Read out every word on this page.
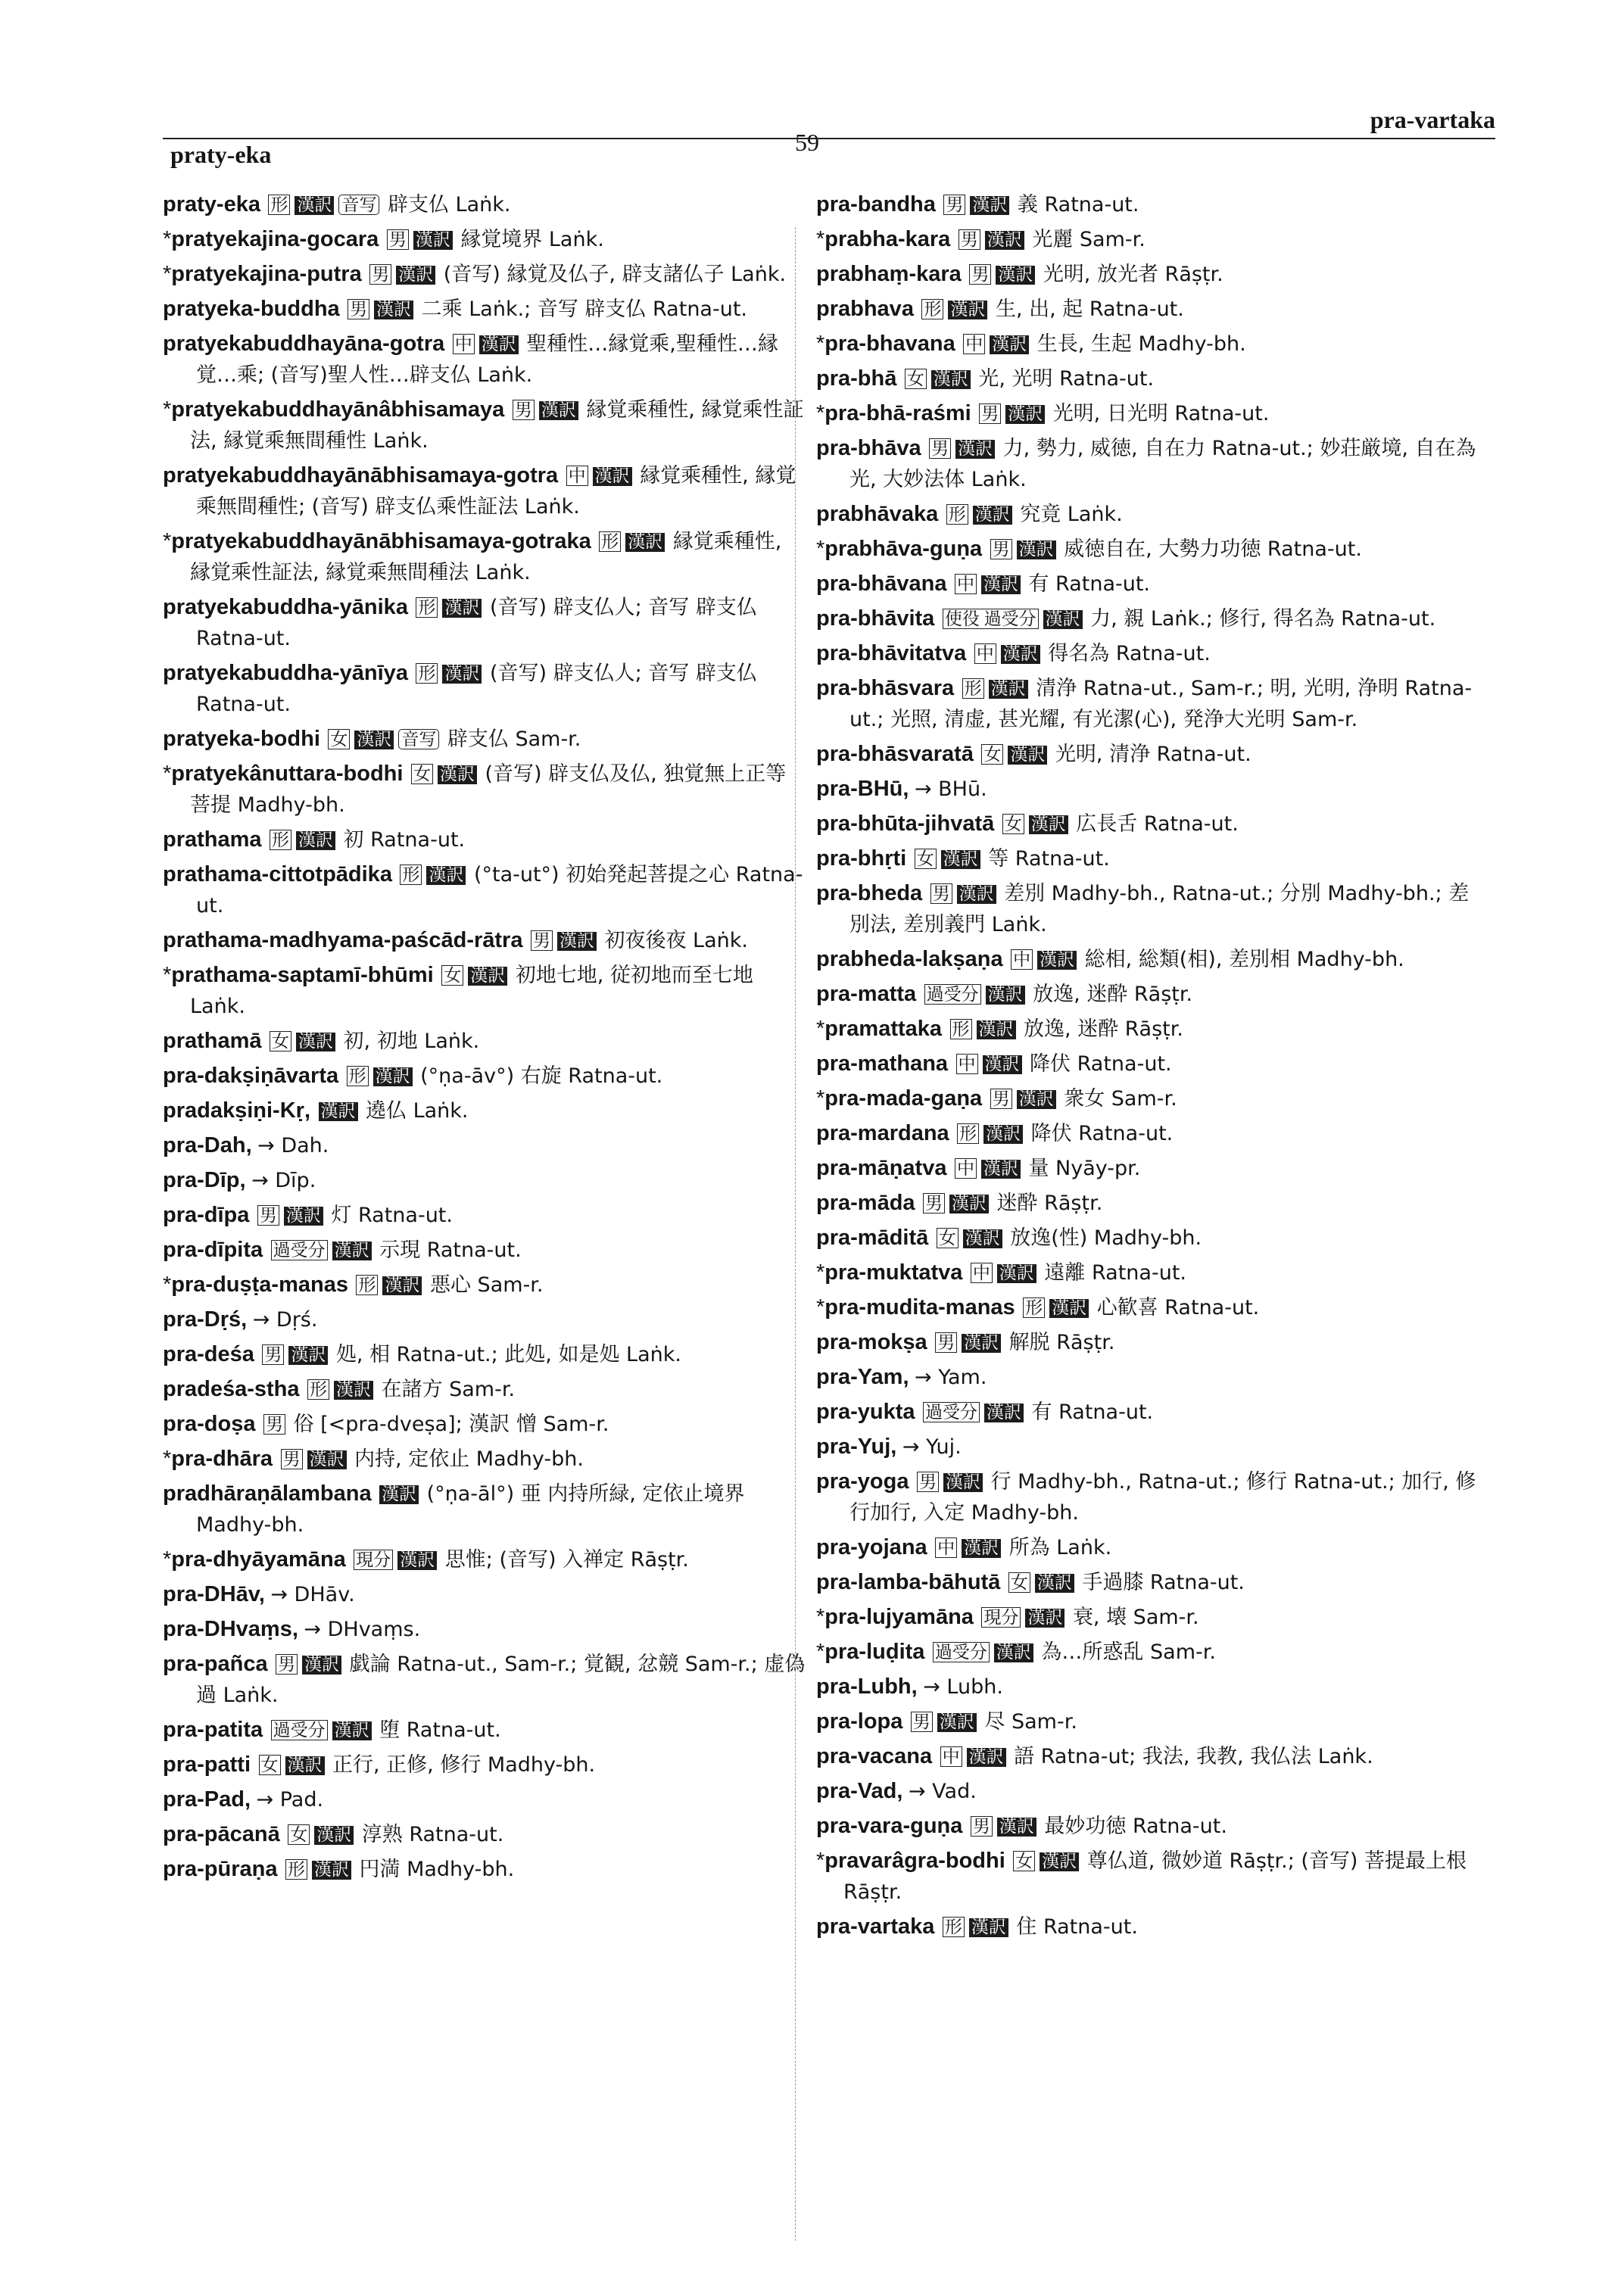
praty-eka	59
pra-vartaka
praty-eka 形 漢訳 音写 辟支仏 Laṅk.
* pratyekajina-gocara 男 漢訳 縁覚境界 Laṅk.
* pratyekajina-putra 男 漢訳 (音写) 縁覚及仏子, 辟支諸仏子 Laṅk.
pratyeka-buddha 男 漢訳 二乘 Laṅk.; 音写 辟支仏 Ratna-ut.
pratyekabuddhayāna-gotra 中 漢訳 聖種性…縁覚乘,聖種性…縁覚…乘; (音写)聖人性…辟支仏 Laṅk.
* pratyekabuddhayānâbhisamaya 男 漢訳 縁覚乘種性, 縁覚乘性証法, 縁覚乘無間種性 Laṅk.
pratyekabuddhayānābhisamaya-gotra 中 漢訳 縁覚乘種性, 縁覚乘無間種性; (音写) 辟支仏乘性証法 Laṅk.
* pratyekabuddhayānābhisamaya-gotraka 形 漢訳 縁覚乘種性, 縁覚乘性証法, 縁覚乘無間種法 Laṅk.
pratyekabuddha-yānika 形 漢訳 (音写) 辟支仏人; 音写 辟支仏 Ratna-ut.
pratyekabuddha-yānīya 形 漢訳 (音写) 辟支仏人; 音写 辟支仏 Ratna-ut.
pratyeka-bodhi 女 漢訳 音写 辟支仏 Sam-r.
* pratyekânuttara-bodhi 女 漢訳 (音写) 辟支仏及仏, 独覚無上正等菩提 Madhy-bh.
prathama 形 漢訳 初 Ratna-ut.
prathama-cittotpādika 形 漢訳 (°ta-ut°) 初始発起菩提之心 Ratna-ut.
prathama-madhyama-paścād-rātra 男 漢訳 初夜後夜 Laṅk.
* prathama-saptamī-bhūmi 女 漢訳 初地七地, 従初地而至七地 Laṅk.
prathamā 女 漢訳 初, 初地 Laṅk.
pra-dakṣiṇāvarta 形 漢訳 (°ṇa-āv°) 右旋 Ratna-ut.
pradakṣiṇi-Kṛ, 漢訳 遶仏 Laṅk.
pra-Dah, → Dah.
pra-Dīp, → Dīp.
pra-dīpa 男 漢訳 灯 Ratna-ut.
pra-dīpita 過受分 漢訳 示現 Ratna-ut.
* pra-duṣṭa-manas 形 漢訳 悪心 Sam-r.
pra-Dṛś, → Dṛś.
pra-deśa 男 漢訳 処, 相 Ratna-ut.; 此処, 如是処 Laṅk.
pradeśa-stha 形 漢訳 在諸方 Sam-r.
pra-doṣa 男 俗 [<pra-dveṣa]; 漢訳 憎 Sam-r.
* pra-dhāra 男 漢訳 内持, 定依止 Madhy-bh.
pradhāraṇālambana 漢訳 (°ṇa-āl°) 亜 内持所緑, 定依止境界 Madhy-bh.
* pra-dhyāyamāna 現分 漢訳 思惟; (音写) 入禅定 Rāṣṭr.
pra-DHāv, → DHāv.
pra-DHvaṃs, → DHvaṃs.
pra-pañca 男 漢訳 戯論 Ratna-ut., Sam-r.; 覚観, 忿競 Sam-r.; 虚偽過 Laṅk.
pra-patita 過受分 漢訳 堕 Ratna-ut.
pra-patti 女 漢訳 正行, 正修, 修行 Madhy-bh.
pra-Pad, → Pad.
pra-pācanā 女 漢訳 淳熟 Ratna-ut.
pra-pūraṇa 形 漢訳 円満 Madhy-bh.
pra-bandha 男 漢訳 義 Ratna-ut.
* prabha-kara 男 漢訳 光麗 Sam-r.
prabhaṃ-kara 男 漢訳 光明, 放光者 Rāṣṭr.
prabhava 形 漢訳 生, 出, 起 Ratna-ut.
* pra-bhavana 中 漢訳 生長, 生起 Madhy-bh.
pra-bhā 女 漢訳 光, 光明 Ratna-ut.
* pra-bhā-raśmi 男 漢訳 光明, 日光明 Ratna-ut.
pra-bhāva 男 漢訳 力, 勢力, 威徳, 自在力 Ratna-ut.; 妙荘厳境, 自在為光, 大妙法体 Laṅk.
prabhāvaka 形 漢訳 究竟 Laṅk.
* prabhāva-guṇa 男 漢訳 威徳自在, 大勢力功徳 Ratna-ut.
pra-bhāvana 中 漢訳 有 Ratna-ut.
pra-bhāvita 使役 過受分 漢訳 力, 親 Laṅk.; 修行, 得名為 Ratna-ut.
pra-bhāvitatva 中 漢訳 得名為 Ratna-ut.
pra-bhāsvara 形 漢訳 清浄 Ratna-ut., Sam-r.; 明, 光明, 浄明 Ratna-ut.; 光照, 清虚, 甚光耀, 有光潔(心), 発浄大光明 Sam-r.
pra-bhāsvaratā 女 漢訳 光明, 清浄 Ratna-ut.
pra-BHū, → BHū.
pra-bhūta-jihvatā 女 漢訳 広長舌 Ratna-ut.
pra-bhṛti 女 漢訳 等 Ratna-ut.
pra-bheda 男 漢訳 差別 Madhy-bh., Ratna-ut.; 分別 Madhy-bh.; 差別法, 差別義門 Laṅk.
prabheda-lakṣaṇa 中 漢訳 総相, 総類(相), 差別相 Madhy-bh.
pra-matta 過受分 漢訳 放逸, 迷酔 Rāṣṭr.
* pramattaka 形 漢訳 放逸, 迷酔 Rāṣṭr.
pra-mathana 中 漢訳 降伏 Ratna-ut.
* pra-mada-gaṇa 男 漢訳 衆女 Sam-r.
pra-mardana 形 漢訳 降伏 Ratna-ut.
pra-māṇatva 中 漢訳 量 Nyāy-pr.
pra-māda 男 漢訳 迷酔 Rāṣṭr.
pra-māditā 女 漢訳 放逸(性) Madhy-bh.
* pra-muktatva 中 漢訳 遠離 Ratna-ut.
* pra-mudita-manas 形 漢訳 心歓喜 Ratna-ut.
pra-mokṣa 男 漢訳 解脱 Rāṣṭr.
pra-Yam, → Yam.
pra-yukta 過受分 漢訳 有 Ratna-ut.
pra-Yuj, → Yuj.
pra-yoga 男 漢訳 行 Madhy-bh., Ratna-ut.; 修行 Ratna-ut.; 加行, 修行加行, 入定 Madhy-bh.
pra-yojana 中 漢訳 所為 Laṅk.
pra-lamba-bāhutā 女 漢訳 手過膝 Ratna-ut.
* pra-lujyamāna 現分 漢訳 衰, 壊 Sam-r.
* pra-luḍita 過受分 漢訳 為…所惑乱 Sam-r.
pra-Lubh, → Lubh.
pra-lopa 男 漢訳 尽 Sam-r.
pra-vacana 中 漢訳 語 Ratna-ut; 我法, 我教, 我仏法 Laṅk.
pra-Vad, → Vad.
pra-vara-guṇa 男 漢訳 最妙功徳 Ratna-ut.
* pravarâgra-bodhi 女 漢訳 尊仏道, 微妙道 Rāṣṭr.; (音写) 菩提最上根 Rāṣṭr.
pra-vartaka 形 漢訳 住 Ratna-ut.
